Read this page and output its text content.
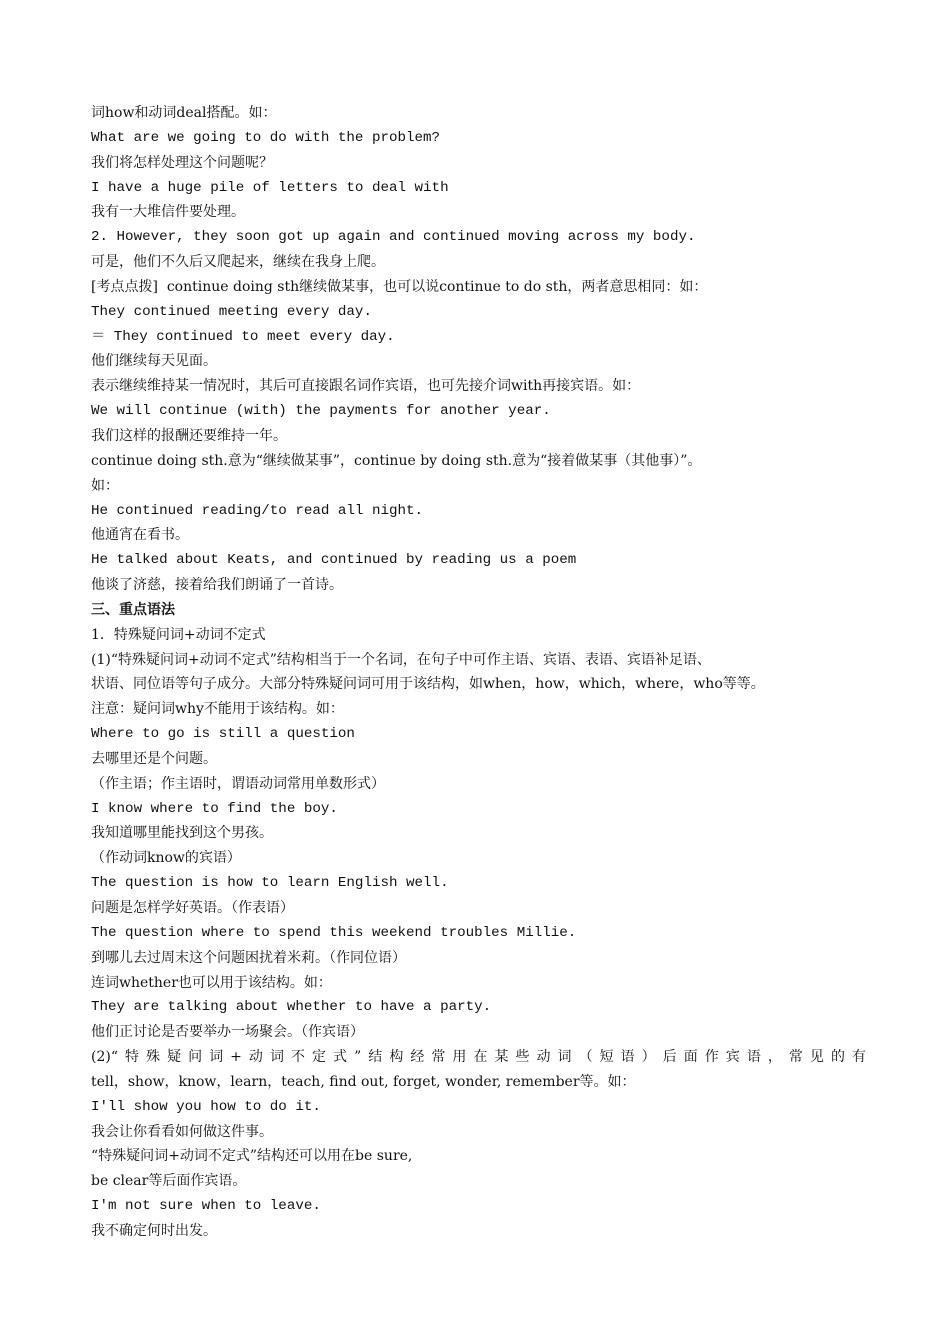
词how和动词deal搭配。如：
What are we going to do with the problem?
我们将怎样处理这个问题呢？
I have a huge pile of letters to deal with
我有一大堆信件要处理。
2. However, they soon got up again and continued moving across my body.
可是，他们不久后又爬起来，继续在我身上爬。
[考点点拨]  continue doing sth继续做某事，也可以说continue to do sth，两者意思相同：如：
They continued meeting every day.
＝ They continued to meet every day.
他们继续每天见面。
表示继续维持某一情况时，其后可直接跟名词作宾语，也可先接介词with再接宾语。如：
We will continue (with) the payments for another year.
我们这样的报酬还要维持一年。
continue doing sth.意为“继续做某事”，continue by doing sth.意为“接着做某事（其他事）”。
如：
He continued reading/to read all night.
他通宵在看书。
He talked about Keats, and continued by reading us a poem
他谈了济慈，接着给我们朗诵了一首诗。
三、重点语法
1．特殊疑问词+动词不定式
(1)“特殊疑问词+动词不定式”结构相当于一个名词，在句子中可作主语、宾语、表语、宾语补足语、
状语、同位语等句子成分。大部分特殊疑问词可用于该结构，如when，how，which，where，who等等。
注意：疑问词why不能用于该结构。如：
Where to go is still a question
去哪里还是个问题。
（作主语；作主语时，谓语动词常用单数形式）
I know where to find the boy.
我知道哪里能找到这个男孩。
（作动词know的宾语）
The question is how to learn English well.
问题是怎样学好英语。（作表语）
The question where to spend this weekend troubles Millie.
到哪儿去过周末这个问题困扰着米莉。（作同位语）
连词whether也可以用于该结构。如：
They are talking about whether to have a party.
他们正讨论是否要举办一场聚会。（作宾语）
(2)“特殊疑问词+动词不定式”结构经常用在某些动词（短语）后面作宾语，常见的有
tell，show，know，learn，teach, find out, forget, wonder, remember等。如：
I'll show you how to do it.
我会让你看看如何做这件事。
“特殊疑问词+动词不定式”结构还可以用在be sure,
be clear等后面作宾语。
I'm not sure when to leave.
我不确定何时出发。
